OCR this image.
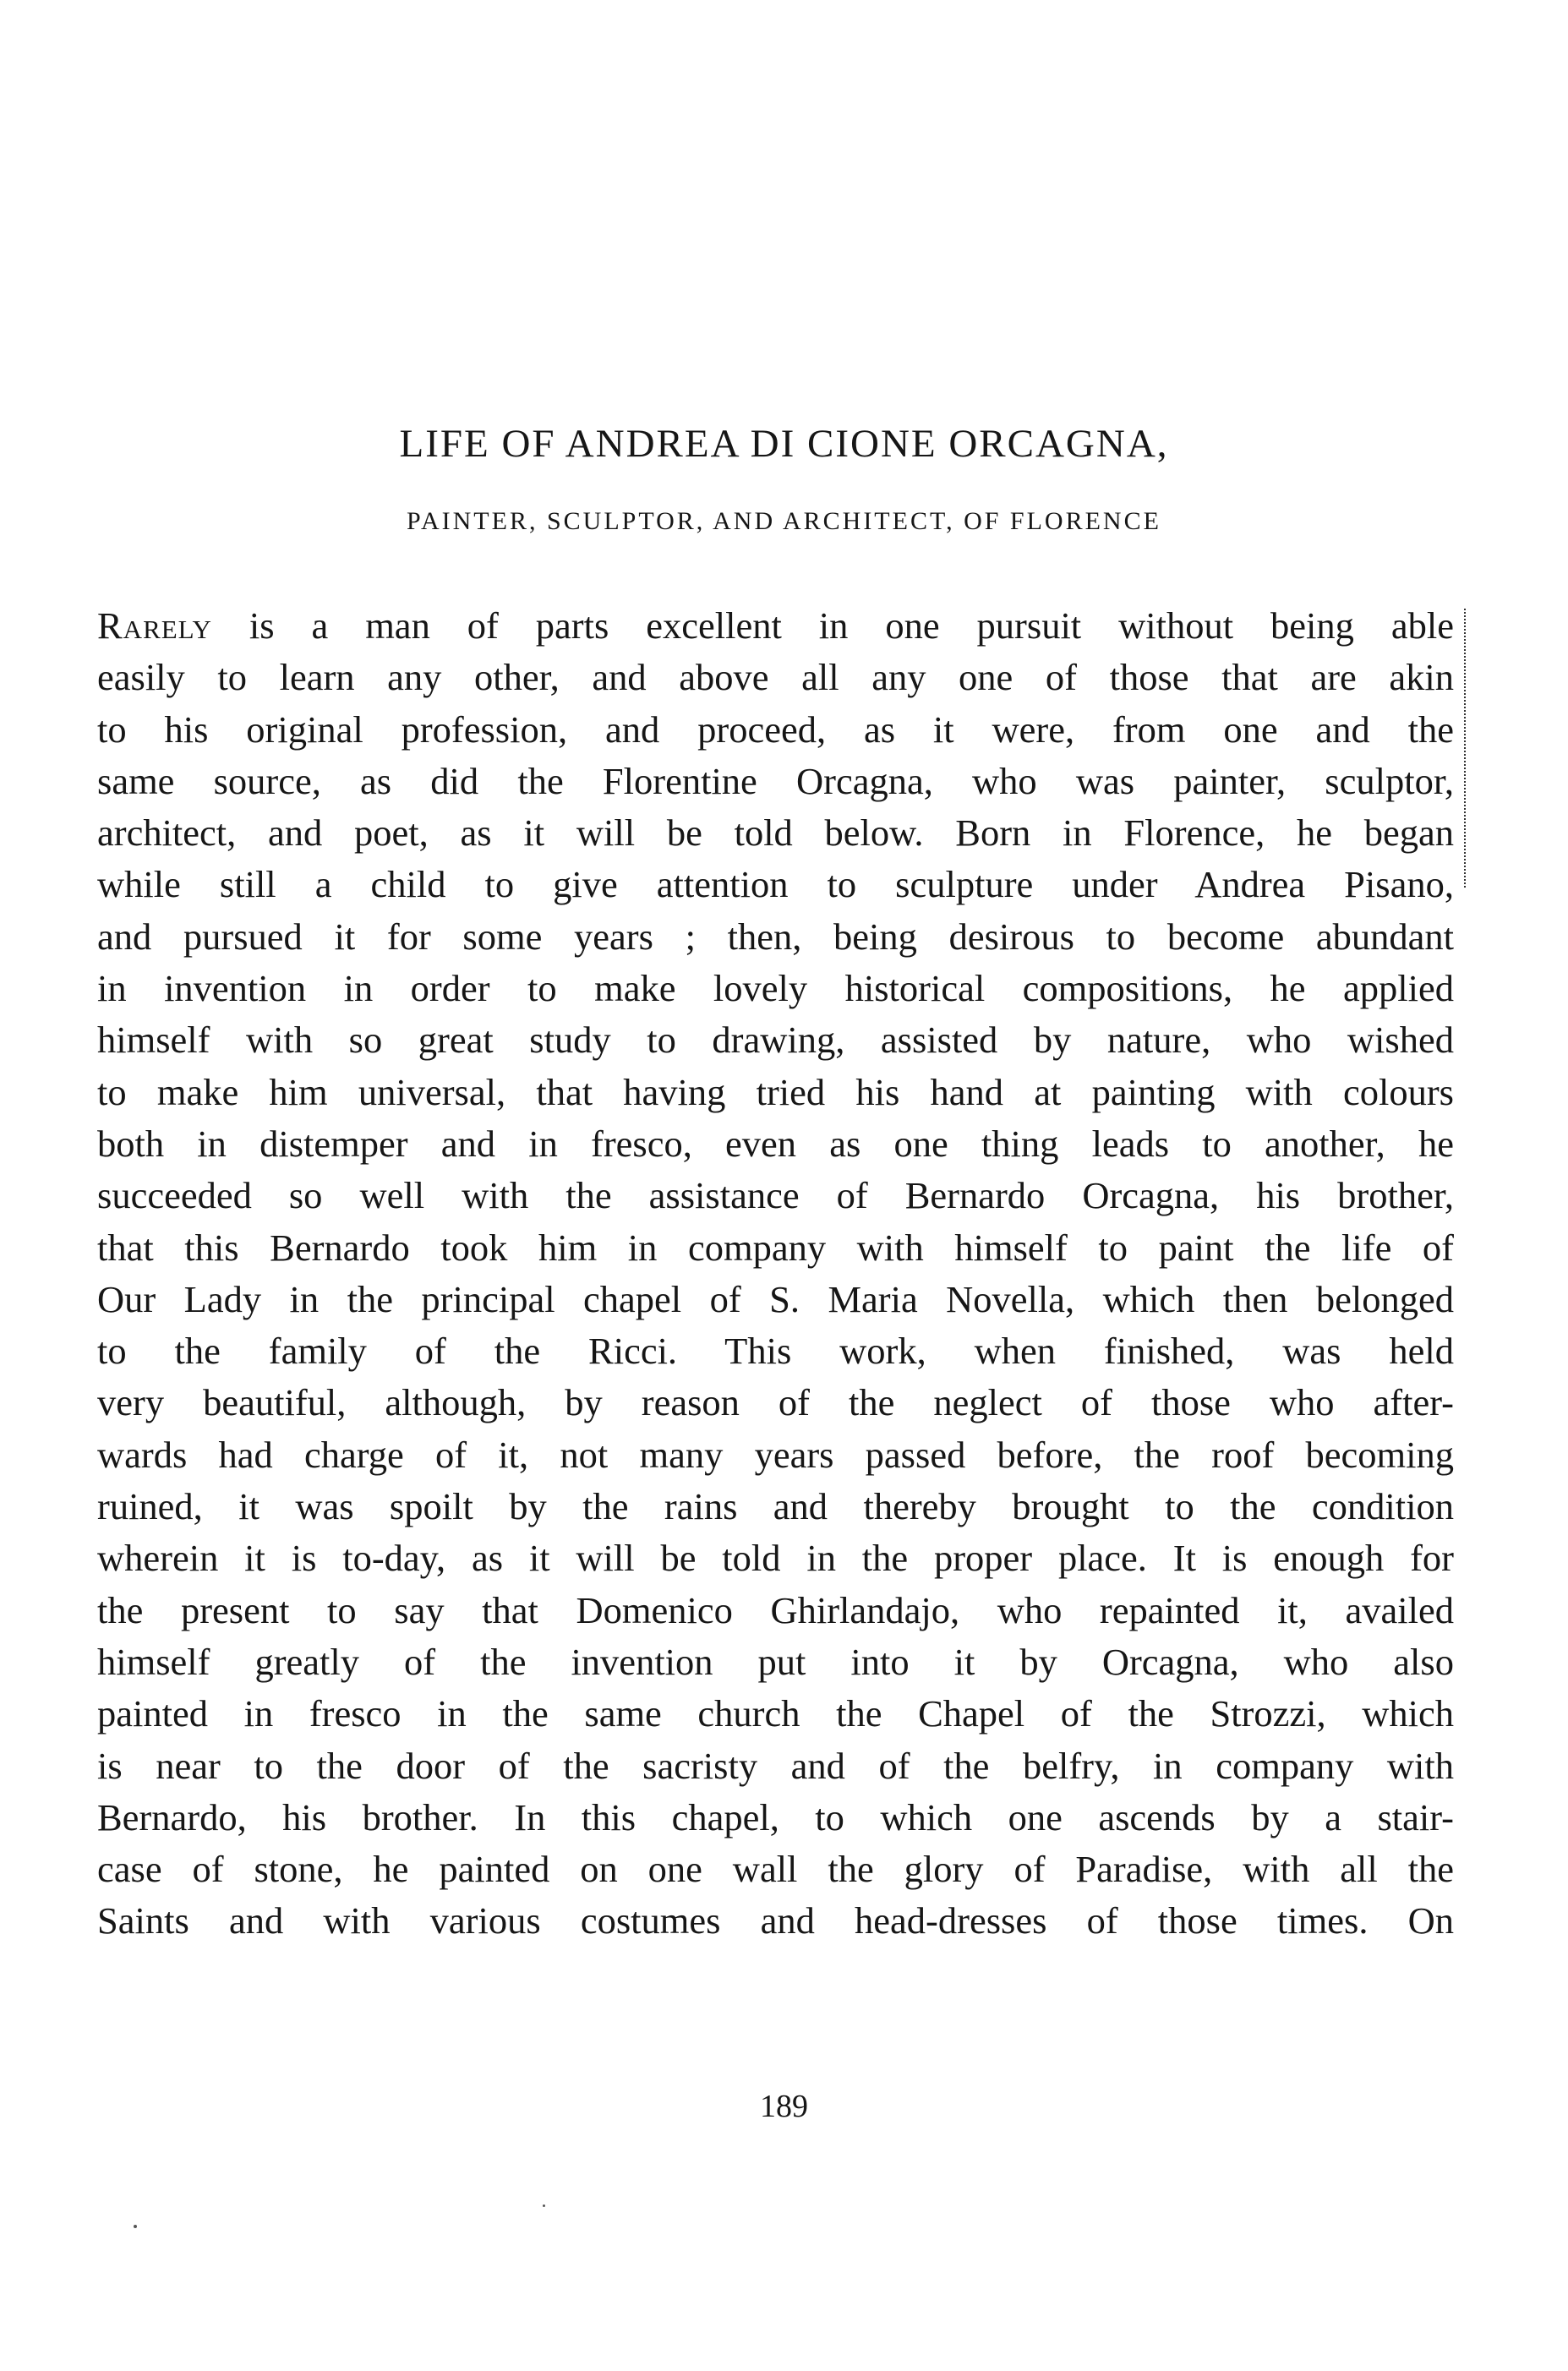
LIFE OF ANDREA DI CIONE ORCAGNA,
PAINTER, SCULPTOR, AND ARCHITECT, OF FLORENCE
Rarely is a man of parts excellent in one pursuit without being able
easily to learn any other, and above all any one of those that are akin
to his original profession, and proceed, as it were, from one and the
same source, as did the Florentine Orcagna, who was painter, sculptor,
architect, and poet, as it will be told below. Born in Florence, he began
while still a child to give attention to sculpture under Andrea Pisano,
and pursued it for some years ; then, being desirous to become abundant
in invention in order to make lovely historical compositions, he applied
himself with so great study to drawing, assisted by nature, who wished
to make him universal, that having tried his hand at painting with colours
both in distemper and in fresco, even as one thing leads to another, he
succeeded so well with the assistance of Bernardo Orcagna, his brother,
that this Bernardo took him in company with himself to paint the life of
Our Lady in the principal chapel of S. Maria Novella, which then belonged
to the family of the Ricci. This work, when finished, was held
very beautiful, although, by reason of the neglect of those who after-
wards had charge of it, not many years passed before, the roof becoming
ruined, it was spoilt by the rains and thereby brought to the condition
wherein it is to-day, as it will be told in the proper place. It is enough for
the present to say that Domenico Ghirlandajo, who repainted it, availed
himself greatly of the invention put into it by Orcagna, who also
painted in fresco in the same church the Chapel of the Strozzi, which
is near to the door of the sacristy and of the belfry, in company with
Bernardo, his brother. In this chapel, to which one ascends by a stair-
case of stone, he painted on one wall the glory of Paradise, with all the
Saints and with various costumes and head-dresses of those times. On
189
